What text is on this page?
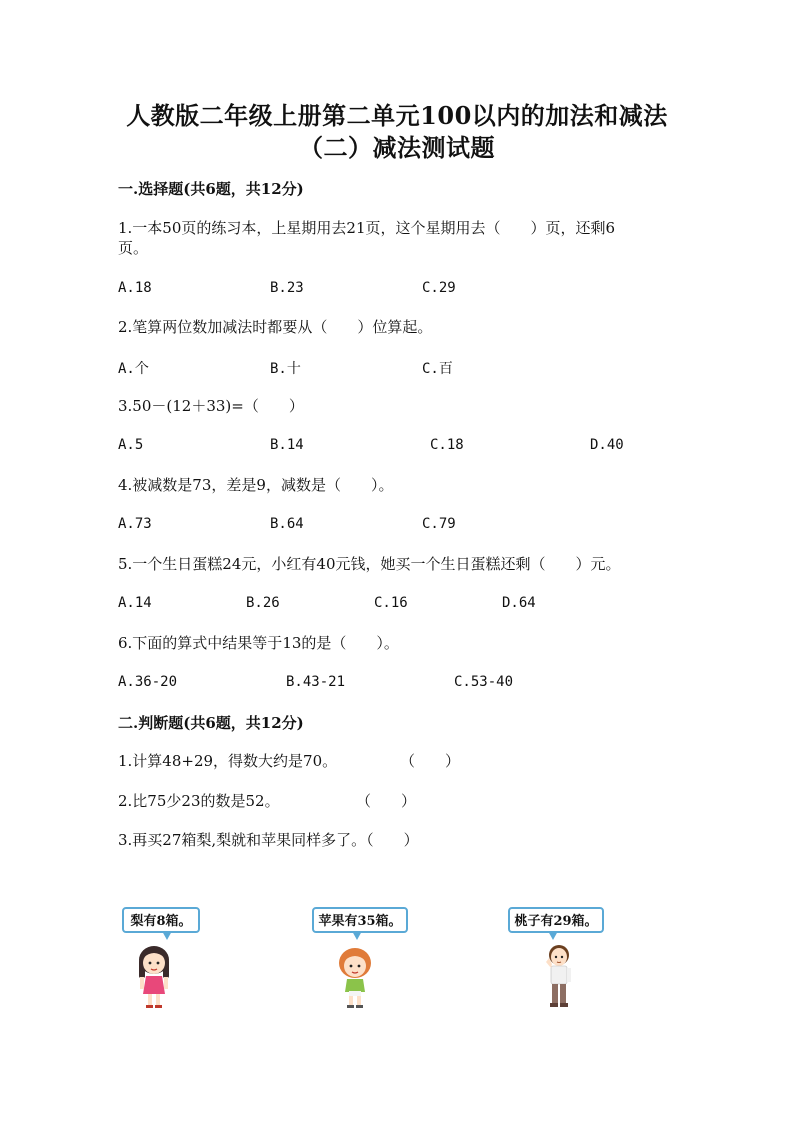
人教版二年级上册第二单元100以内的加法和减法
（二）减法测试题
一.选择题(共6题，共12分)
1.一本50页的练习本，上星期用去21页，这个星期用去（　　）页，还剩6
页。
A.18	B.23	C.29
2.笔算两位数加减法时都要从（　　）位算起。
A.个	B.十	C.百
3.50－(12＋33)=（　　）
A.5	B.14	C.18	D.40
4.被减数是73，差是9，减数是（　　）。
A.73	B.64	C.79
5.一个生日蛋糕24元，小红有40元钱，她买一个生日蛋糕还剩（　　）元。
A.14	B.26	C.16	D.64
6.下面的算式中结果等于13的是（　　）。
A.36-20	B.43-21	C.53-40
二.判断题(共6题，共12分)
1.计算48+29，得数大约是70。	（　　）
2.比75少23的数是52。	（　　）
3.再买27箱梨,梨就和苹果同样多了。（　　）
梨有8箱。	苹果有35箱。	桃子有29箱。
